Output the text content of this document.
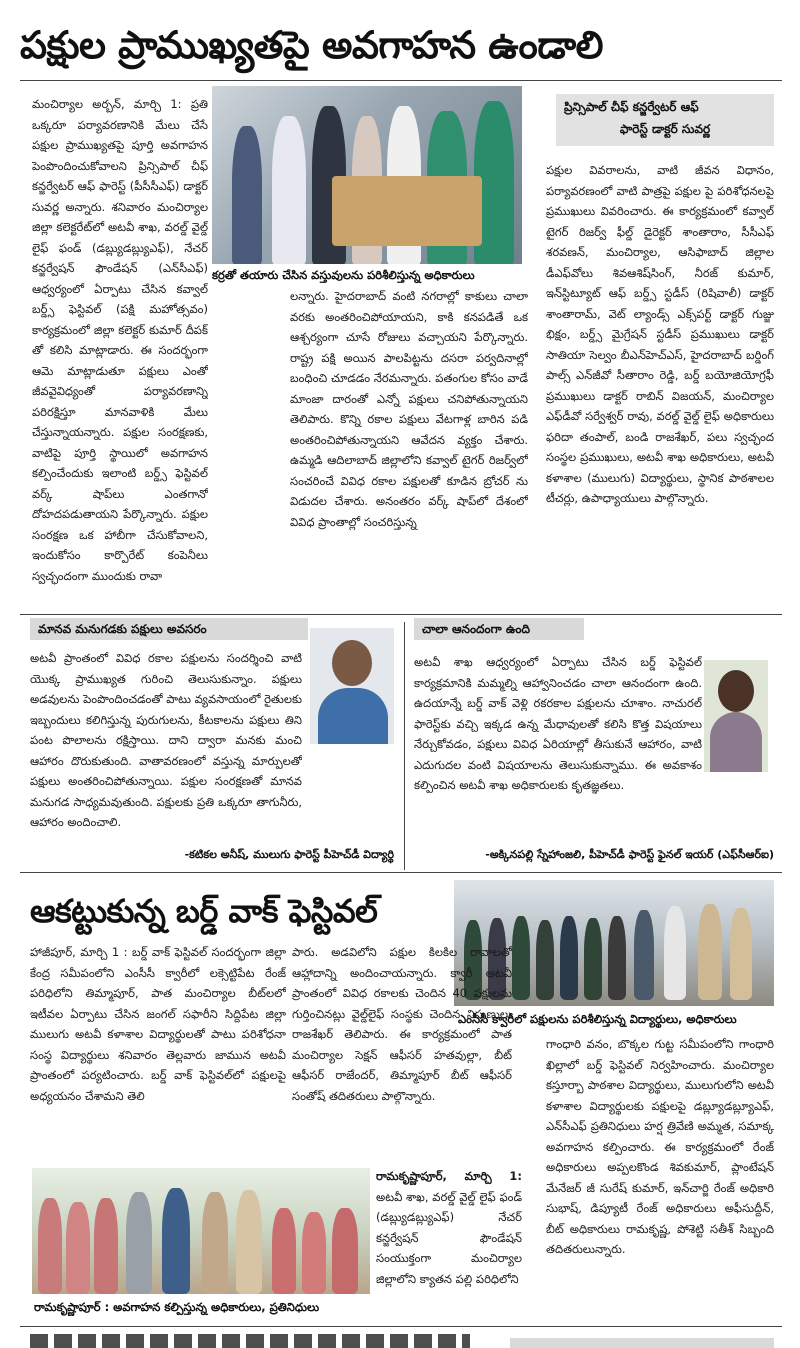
పక్షుల ప్రాముఖ్యతపై అవగాహన ఉండాలి
మంచిర్యాల అర్బన్, మార్చి 1: ప్రతి ఒక్కరూ పర్యావరణానికి మేలు చేసే పక్షుల ప్రాముఖ్యతపై పూర్తి అవగాహన పెంపొందించుకోవాలని ప్రిన్సిపాల్ చీఫ్ కన్జర్వేటర్ ఆఫ్ ఫారెస్ట్ (పీసీసీఎఫ్) డాక్టర్ సువర్ణ అన్నారు. శనివారం మంచిర్యాల జిల్లా కలెక్టరేట్‌లో అటవీ శాఖ, వరల్డ్ వైల్డ్ లైఫ్ ఫండ్ (డబ్ల్యుడబ్ల్యుఎఫ్), నేచర్ కన్జర్వేషన్ ఫౌండేషన్ (ఎన్‌సీఎఫ్) ఆధ్వర్యంలో ఏర్పాటు చేసిన కవ్వాల్ బర్డ్స్ ఫెస్టివల్ (పక్షి మహోత్సవం) కార్యక్రమంలో జిల్లా కలెక్టర్ కుమార్ దీపక్ తో కలిసి మాట్లాడారు. ఈ సందర్భంగా ఆమె మాట్లాడుతూ పక్షులు ఎంతో జీవవైవిధ్యంతో పర్యావరణాన్ని పరిరక్షిస్తూ మానవాళికి మేలు చేస్తున్నాయన్నారు. పక్షుల సంరక్షణకు, వాటిపై పూర్తి స్థాయిలో అవగాహన కల్పించేందుకు ఇలాంటి బర్డ్స్ ఫెస్టివల్ వర్క్ షాప్‌లు ఎంతగానో దోహదపడుతాయని పేర్కొన్నారు. పక్షుల సంరక్షణ ఒక హాబీగా చేసుకోవాలని, ఇందుకోసం కార్పొరేట్ కంపెనీలు స్వచ్ఛందంగా ముందుకు రావా
కర్రతో తయారు చేసిన వస్తువులను పరిశీలిస్తున్న అధికారులు
లన్నారు. హైదరాబాద్ వంటి నగరాల్లో కాకులు చాలా వరకు అంతరించిపోయాయని, కాకి కనపడితే ఒక ఆశ్చర్యంగా చూసే రోజులు వచ్చాయని పేర్కొన్నారు. రాష్ట్ర పక్షి అయిన పాలపిట్టను దసరా పర్వదినాల్లో బంధించి చూడడం నేరమన్నారు. పతంగుల కోసం వాడే మాంజా దారంతో ఎన్నో పక్షులు చనిపోతున్నాయని తెలిపారు. కొన్ని రకాల పక్షులు వేటగాళ్ల బారిన పడి అంతరించిపోతున్నాయని ఆవేదన వ్యక్తం చేశారు. ఉమ్మడి ఆదిలాబాద్ జిల్లాలోని కవ్వాల్ టైగర్ రిజర్వ్‌లో సంచరించే వివిధ రకాల పక్షులతో కూడిన బ్రోచర్ ను విడుదల చేశారు. అనంతరం వర్క్ షాప్‌లో దేశంలో వివిధ ప్రాంతాల్లో సంచరిస్తున్న
ప్రిన్సిపాల్ చీఫ్ కన్జర్వేటర్ ఆఫ్
ఫారెస్ట్ డాక్టర్ సువర్ణ
పక్షుల వివరాలను, వాటి జీవన విధానం, పర్యావరణంలో వాటి పాత్రపై పక్షుల పై పరిశోధనలపై ప్రముఖులు వివరించారు. ఈ కార్యక్రమంలో కవ్వాల్ టైగర్ రిజర్వ్ ఫీల్డ్ డైరెక్టర్ శాంతారాం, సీసీఎఫ్ శరవణన్, మంచిర్యాల, ఆసిఫాబాద్ జిల్లాల డీఎఫ్‌వోలు శివఆశిష్‌సింగ్, నీరజ్ కుమార్, ఇన్‌స్టిట్యూట్ ఆఫ్ బర్డ్స్ స్టడీస్ (రిషివాలీ) డాక్టర్ శాంతారామ్, వెట్ ల్యాండ్స్ ఎక్స్‌పర్ట్ డాక్టర్ గుజ్జు భిక్షం, బర్డ్స్ మైగ్రేషన్ స్టడీస్ ప్రముఖులు డాక్టర్ సాతియా సెల్వం బీఎన్‌హెచ్‌ఎస్, హైదరాబాద్ బర్డింగ్ పాల్స్ ఎన్‌జీవో సీతారాం రెడ్డి, బర్డ్ బయోజియోగ్రఫీ ప్రముఖులు డాక్టర్ రాబిన్ విజయన్, మంచిర్యాల ఎఫ్‌డీవో సర్వేశ్వర్ రావు, వరల్డ్ వైల్డ్ లైఫ్ అధికారులు ఫరిదా తంపాల్, బండి రాజశేఖర్, పలు స్వచ్ఛంద సంస్థల ప్రముఖులు, అటవీ శాఖ అధికారులు, అటవీ కళాశాల (ములుగు) విద్యార్థులు, స్థానిక పాఠశాలల టీచర్లు, ఉపాధ్యాయులు పాల్గొన్నారు.
మానవ మనుగడకు పక్షులు అవసరం
అటవీ ప్రాంతంలో వివిధ రకాల పక్షులను సందర్శించి వాటి యొక్క ప్రాముఖ్యత గురించి తెలుసుకున్నాం. పక్షులు అడవులను పెంపొందించడంతో పాటు వ్యవసాయంలో రైతులకు ఇబ్బందులు కలిగిస్తున్న పురుగులను, కీటకాలను పక్షులు తిని పంట పొలాలను రక్షిస్తాయి. దాని ద్వారా మనకు మంచి ఆహారం దొరుకుతుంది. వాతావరణంలో వస్తున్న మార్పులతో పక్షులు అంతరించిపోతున్నాయి. పక్షుల సంరక్షణతో మానవ మనుగడ సాధ్యమవుతుంది. పక్షులకు ప్రతి ఒక్కరూ తాగునీరు, ఆహారం అందించాలి.
-కటికల అనీష్, ములుగు ఫారెస్ట్ పీహెచ్‌డీ విద్యార్థి
చాలా ఆనందంగా ఉంది
అటవీ శాఖ ఆధ్వర్యంలో ఏర్పాటు చేసిన బర్డ్ ఫెస్టివల్ కార్యక్రమానికి మమ్మల్ని ఆహ్వానించడం చాలా ఆనందంగా ఉంది. ఉదయాన్నే బర్డ్ వాక్ వెళ్లి రకరకాల పక్షులను చూశాం. నాచురల్ ఫారెస్ట్‌కు వచ్చి ఇక్కడ ఉన్న మేధావులతో కలిసి కొత్త విషయాలు నేర్చుకోవడం, పక్షులు వివిధ ఏరియాల్లో తీసుకునే ఆహారం, వాటి ఎదుగుదల వంటి విషయాలను తెలుసుకున్నాము. ఈ అవకాశం కల్పించిన అటవీ శాఖ అధికారులకు కృతజ్ఞతలు.
-అక్కినపల్లి స్నేహాంజలి, పీహెచ్‌డీ ఫారెస్ట్ ఫైనల్ ఇయర్ (ఎఫ్‌సీఆర్‌ఐ)
ఆకట్టుకున్న బర్డ్ వాక్ ఫెస్టివల్
ఎంసీసీ క్వారీలో పక్షులను పరిశీలిస్తున్న విద్యార్థులు, అధికారులు
హాజీపూర్, మార్చి 1 : బర్డ్ వాక్ ఫెస్టివల్ సందర్భంగా జిల్లా కేంద్ర సమీపంలోని ఎంసీసీ క్వారీలో లక్సెట్టిపేట రేంజ్ పరిధిలోని తిమ్మాపూర్, పాత మంచిర్యాల బీట్‌లలో ఇటీవల ఏర్పాటు చేసిన జంగల్ సఫారీని సిద్దిపేట జిల్లా ములుగు అటవీ కళాశాల విద్యార్థులతో పాటు పరిశోధనా సంస్థ విద్యార్థులు శనివారం తెల్లవారు జామున అటవీ ప్రాంతంలో పర్యటించారు. బర్డ్ వాక్ ఫెస్టివల్‌లో పక్షులపై అధ్యయనం చేశామని తెలి
పారు. అడవిలోని పక్షుల కిలకిల రావాలతో ఆహ్లాదాన్ని అందించాయన్నారు. క్వారీ అటవీ ప్రాంతంలో వివిధ రకాలకు చెందిన 40 పక్షులను గుర్తించినట్లు వైల్డ్‌లైఫ్ సంస్థకు చెందిన నిపుణులు రాజశేఖర్ తెలిపారు. ఈ కార్యక్రమంలో పాత మంచిర్యాల సెక్షన్ ఆఫీసర్ హతవుల్లా, బీట్ ఆఫీసర్ రాజేందర్, తిమ్మాపూర్ బీట్ ఆఫీసర్ సంతోష్ తదితరులు పాల్గొన్నారు.
గాంధారి వనం, బొక్కల గుట్ట సమీపంలోని గాంధారి ఖిల్లాలో బర్డ్ ఫెస్టివల్ నిర్వహించారు. మంచిర్యాల కస్తూర్బా పాఠశాల విద్యార్థులు, ములుగులోని అటవీ కళాశాల విద్యార్థులకు పక్షులపై డబ్ల్యూడబ్ల్యూఎఫ్, ఎన్‌సీఎఫ్ ప్రతినిధులు హర్ష త్రివేణి అమ్మత, సమాక్క అవగాహన కల్పించారు. ఈ కార్యక్రమంలో రేంజ్ అధికారులు అప్పలకొండ శివకుమార్, ప్లాంటేషన్ మేనేజర్ జీ సురేష్ కుమార్, ఇన్‌చార్జి రేంజ్ అధికారి సుభాష్, డిప్యూటీ రేంజ్ అధికారులు అఫీసుద్దీన్, బీట్ అధికారులు రామకృష్ణ, పోశెట్టి సతీశ్ సిబ్బంది తదితరులున్నారు.
రామకృష్ణాపూర్, మార్చి 1: అటవీ శాఖ, వరల్డ్ వైల్డ్ లైఫ్ ఫండ్ (డబ్ల్యుడబ్ల్యుఎఫ్) నేచర్ కన్జర్వేషన్ ఫౌండేషన్ సంయుక్తంగా మంచిర్యాల జిల్లాలోని క్యాతన పల్లి పరిధిలోని
రామకృష్ణాపూర్ : అవగాహన కల్పిస్తున్న అధికారులు, ప్రతినిధులు
